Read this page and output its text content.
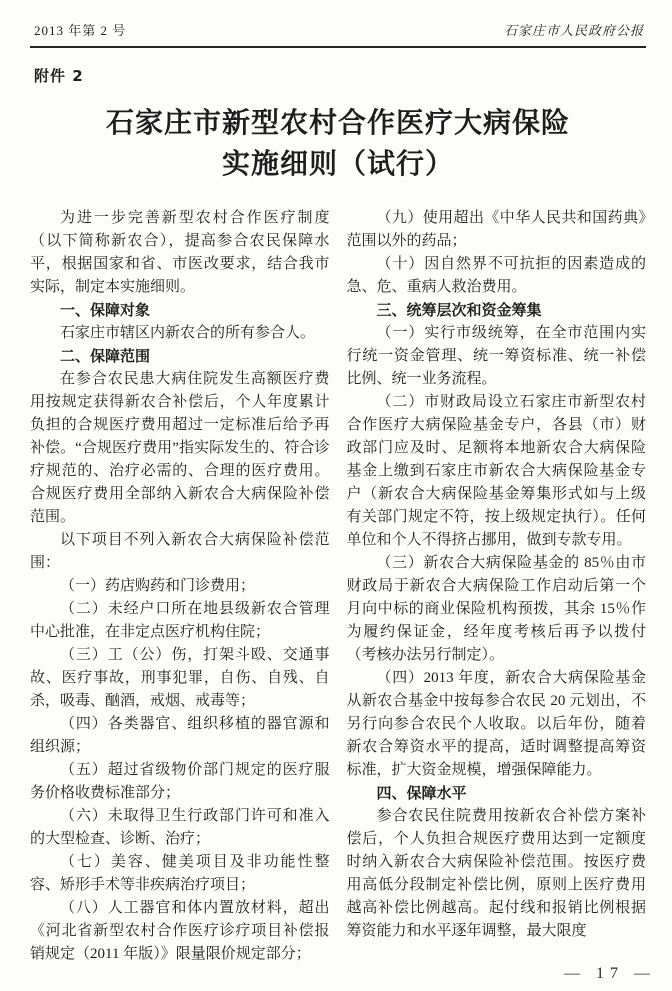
2013 年第 2 号	石家庄市人民政府公报
附件 2
石家庄市新型农村合作医疗大病保险
实施细则（试行）

为进一步完善新型农村合作医疗制度（以下简称新农合），提高参合农民保障水平，根据国家和省、市医改要求，结合我市实际，制定本实施细则。

一、保障对象

石家庄市辖区内新农合的所有参合人。

二、保障范围

在参合农民患大病住院发生高额医疗费用按规定获得新农合补偿后，个人年度累计负担的合规医疗费用超过一定标准后给予再补偿。“合规医疗费用”指实际发生的、符合诊疗规范的、治疗必需的、合理的医疗费用。合规医疗费用全部纳入新农合大病保险补偿范围。

以下项目不列入新农合大病保险补偿范围：

（一）药店购药和门诊费用；

（二）未经户口所在地县级新农合管理中心批准，在非定点医疗机构住院；

（三）工（公）伤，打架斗殴、交通事故、医疗事故，刑事犯罪，自伤、自残、自杀，吸毒、酗酒，戒烟、戒毒等；

（四）各类器官、组织移植的器官源和组织源；

（五）超过省级物价部门规定的医疗服务价格收费标准部分；

（六）未取得卫生行政部门许可和准入的大型检查、诊断、治疗；

（七）美容、健美项目及非功能性整容、矫形手术等非疾病治疗项目；

（八）人工器官和体内置放材料，超出《河北省新型农村合作医疗诊疗项目补偿报销规定（2011 年版）》限量限价规定部分；

（九）使用超出《中华人民共和国药典》范围以外的药品；

（十）因自然界不可抗拒的因素造成的急、危、重病人救治费用。

三、统筹层次和资金筹集

（一）实行市级统筹，在全市范围内实行统一资金管理、统一筹资标准、统一补偿比例、统一业务流程。

（二）市财政局设立石家庄市新型农村合作医疗大病保险基金专户，各县（市）财政部门应及时、足额将本地新农合大病保险基金上缴到石家庄市新农合大病保险基金专户（新农合大病保险基金筹集形式如与上级有关部门规定不符，按上级规定执行）。任何单位和个人不得挤占挪用，做到专款专用。

（三）新农合大病保险基金的 85％由市财政局于新农合大病保险工作启动后第一个月向中标的商业保险机构预拨，其余 15％作为履约保证金，经年度考核后再予以拨付（考核办法另行制定）。

（四）2013 年度，新农合大病保险基金从新农合基金中按每参合农民 20 元划出，不另行向参合农民个人收取。以后年份，随着新农合筹资水平的提高，适时调整提高筹资标准，扩大资金规模，增强保障能力。

四、保障水平

参合农民住院费用按新农合补偿方案补偿后，个人负担合规医疗费用达到一定额度时纳入新农合大病保险补偿范围。按医疗费用高低分段制定补偿比例，原则上医疗费用越高补偿比例越高。起付线和报销比例根据筹资能力和水平逐年调整，最大限度

— 17 —
